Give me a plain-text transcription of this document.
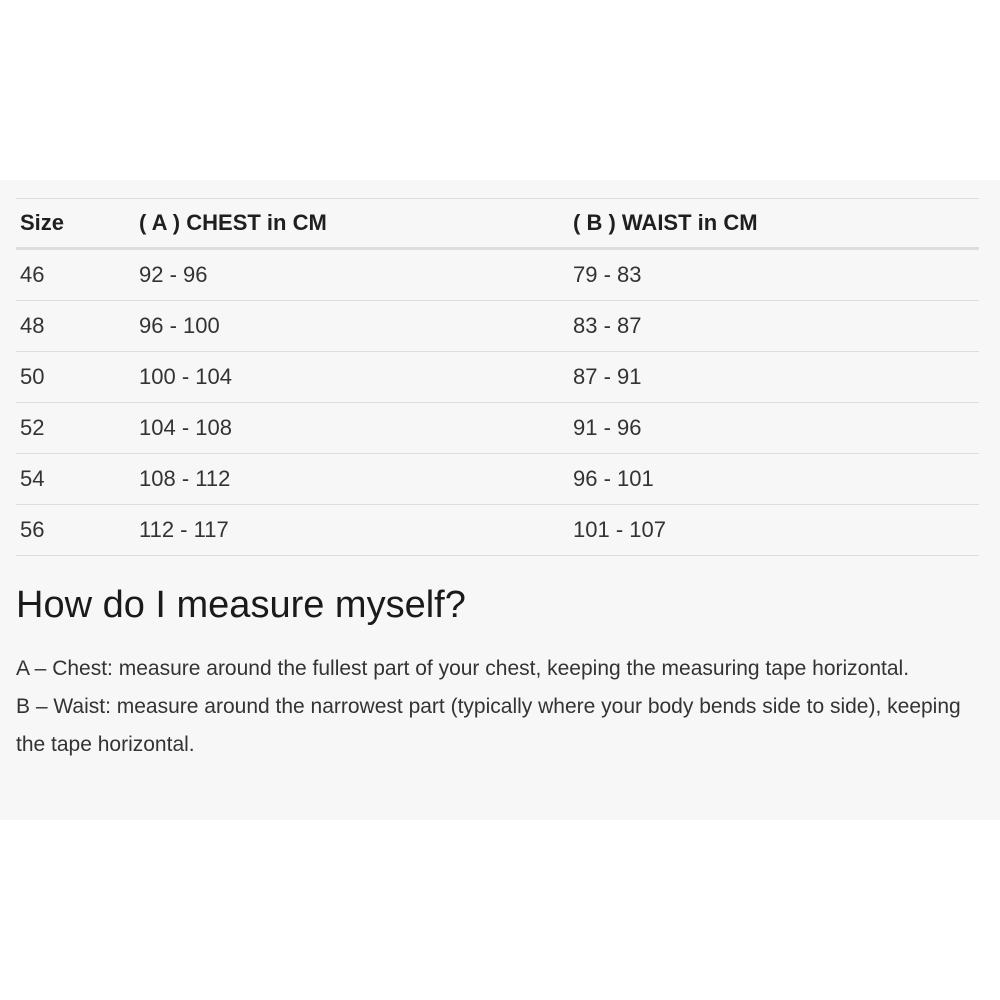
Size	( A ) CHEST in CM	( B ) WAIST in CM
46	92 - 96	79 - 83
48	96 - 100	83 - 87
50	100 - 104	87 - 91
52	104 - 108	91 - 96
54	108 - 112	96 - 101
56	112 - 117	101 - 107
How do I measure myself?

A – Chest: measure around the fullest part of your chest, keeping the measuring tape horizontal.

B – Waist: measure around the narrowest part (typically where your body bends side to side), keeping the tape horizontal.
